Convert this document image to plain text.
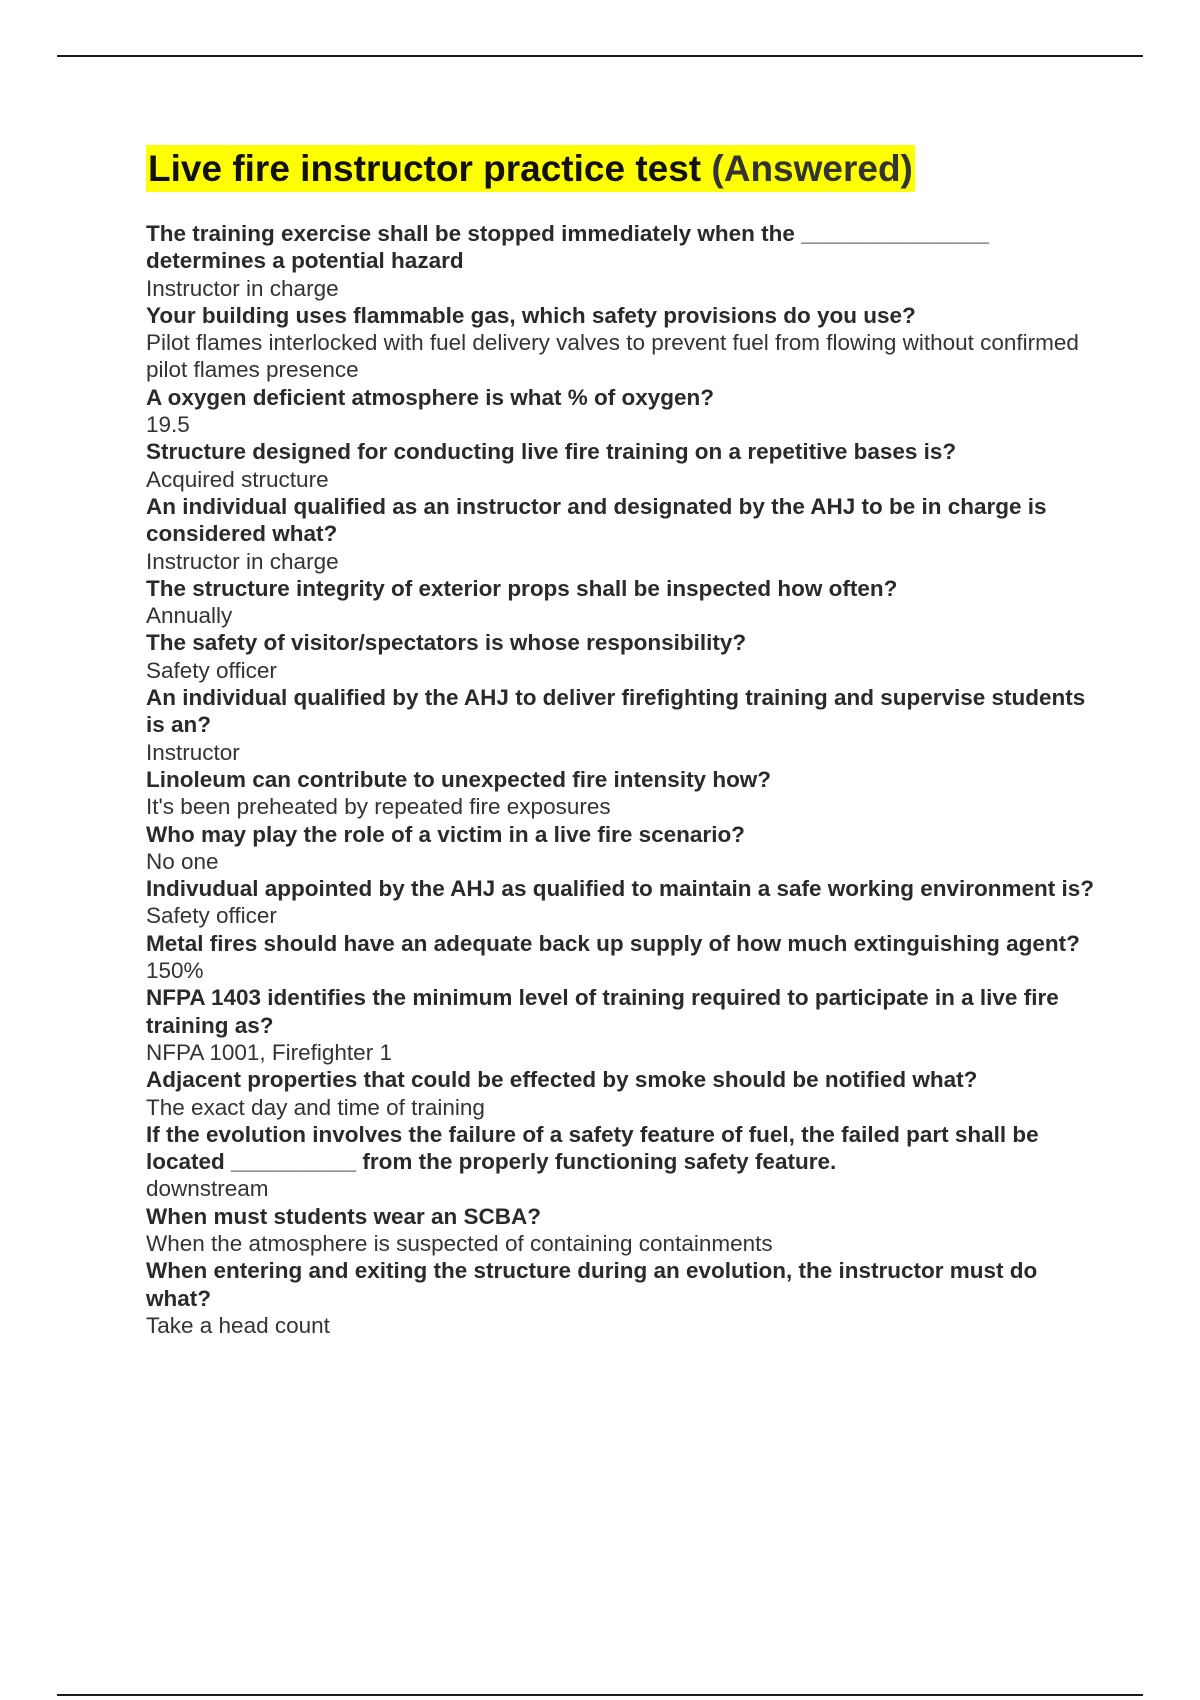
Live fire instructor practice test (Answered)
The training exercise shall be stopped immediately when the _______________ determines a potential hazard
Instructor in charge
Your building uses flammable gas, which safety provisions do you use?
Pilot flames interlocked with fuel delivery valves to prevent fuel from flowing without confirmed pilot flames presence
A oxygen deficient atmosphere is what % of oxygen?
19.5
Structure designed for conducting live fire training on a repetitive bases is?
Acquired structure
An individual qualified as an instructor and designated by the AHJ to be in charge is considered what?
Instructor in charge
The structure integrity of exterior props shall be inspected how often?
Annually
The safety of visitor/spectators is whose responsibility?
Safety officer
An individual qualified by the AHJ to deliver firefighting training and supervise students is an?
Instructor
Linoleum can contribute to unexpected fire intensity how?
It's been preheated by repeated fire exposures
Who may play the role of a victim in a live fire scenario?
No one
Indivudual appointed by the AHJ as qualified to maintain a safe working environment is?
Safety officer
Metal fires should have an adequate back up supply of how much extinguishing agent?
150%
NFPA 1403 identifies the minimum level of training required to participate in a live fire training as?
NFPA 1001, Firefighter 1
Adjacent properties that could be effected by smoke should be notified what?
The exact day and time of training
If the evolution involves the failure of a safety feature of fuel, the failed part shall be located __________ from the properly functioning safety feature.
downstream
When must students wear an SCBA?
When the atmosphere is suspected of containing containments
When entering and exiting the structure during an evolution, the instructor must do what?
Take a head count
